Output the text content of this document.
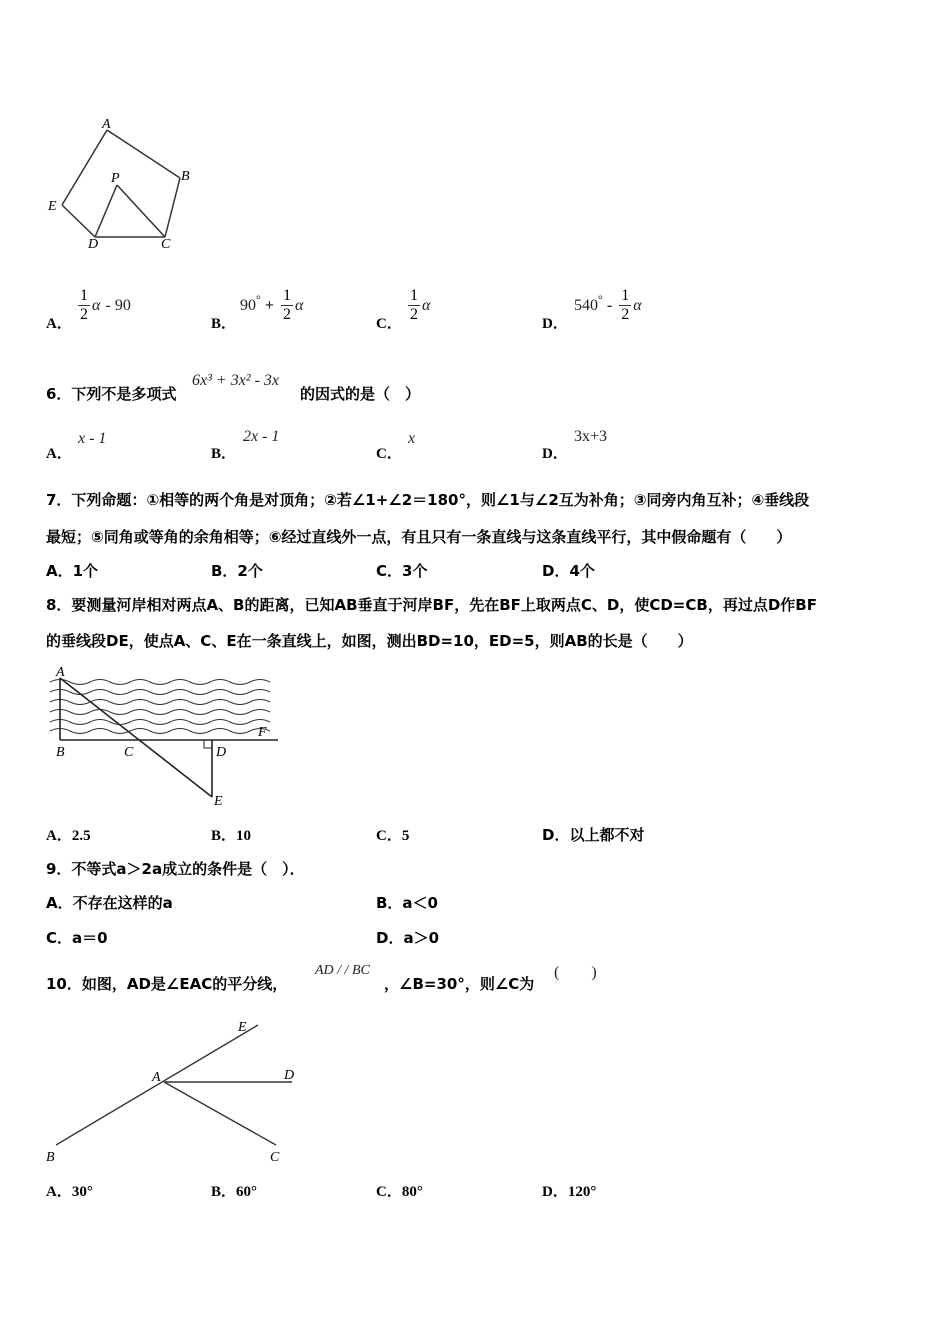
A
B
E
P
D	C
A．
$\frac{1}{2}$ α - 90
B．
$90^\circ + \frac{1}{2}$ α
C．
$\frac{1}{2}$ α
D．
$540^\circ - \frac{1}{2}$ α
6．下列不是多项式
6x³ + 3x² - 3x
的因式的是（　）
A．
x - 1
B．
2x - 1
C．
x
D．
3x+3
7．下列命题：①相等的两个角是对顶角；②若∠1+∠2＝180°，则∠1与∠2互为补角；③同旁内角互补；④垂线段
最短；⑤同角或等角的余角相等；⑥经过直线外一点，有且只有一条直线与这条直线平行，其中假命题有（　　）
A．1个	B．2个	C．3个	D．4个
8．要测量河岸相对两点A、B的距离，已知AB垂直于河岸BF，先在BF上取两点C、D，使CD=CB，再过点D作BF
的垂线段DE，使点A、C、E在一条直线上，如图，测出BD=10，ED=5，则AB的长是（　　）
A
B	C	D
E
F
A．2.5	B．10	C．5	D．以上都不对
9．不等式a＞2a成立的条件是（　）．
A．不存在这样的a	B．a＜0
C．a＝0	D．a＞0
10．如图，AD是∠EAC的平分线，
AD / / BC
，∠B=30°，则∠C为
(　　)
E
A	D
B	C
A．30°	B．60°	C．80°	D．120°
